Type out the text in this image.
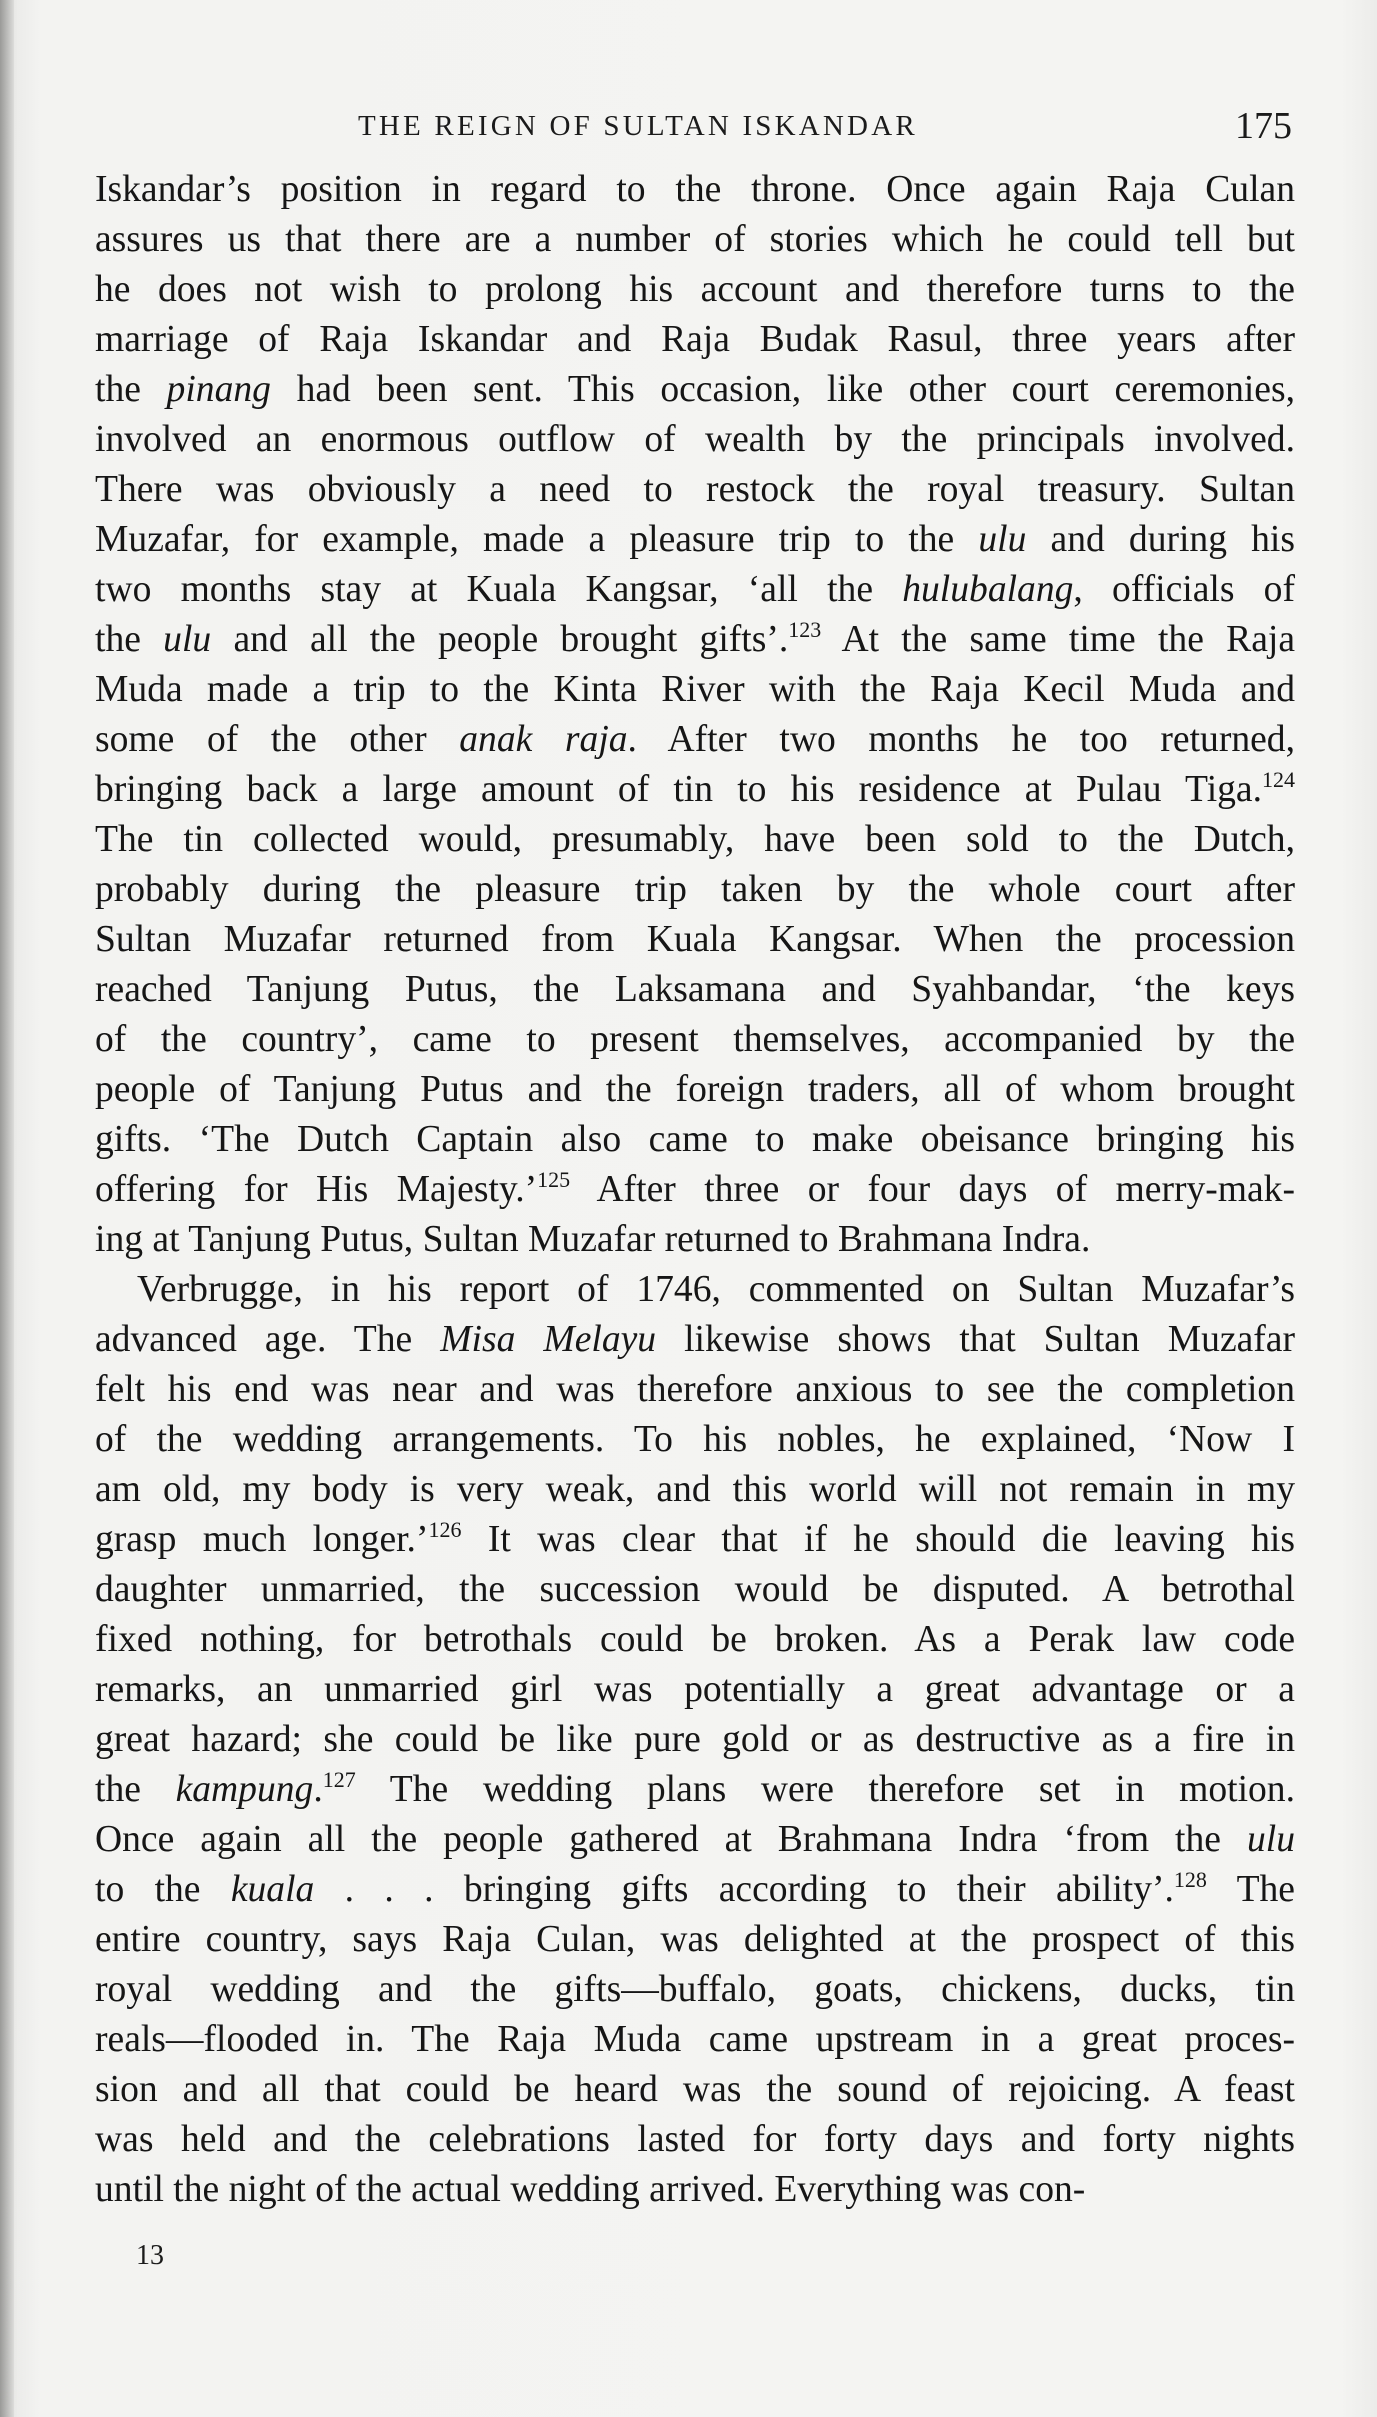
THE REIGN OF SULTAN ISKANDAR	175
Iskandar’s position in regard to the throne. Once again Raja Culan
assures us that there are a number of stories which he could tell but
he does not wish to prolong his account and therefore turns to the
marriage of Raja Iskandar and Raja Budak Rasul, three years after
the pinang had been sent. This occasion, like other court ceremonies,
involved an enormous outflow of wealth by the principals involved.
There was obviously a need to restock the royal treasury. Sultan
Muzafar, for example, made a pleasure trip to the ulu and during his
two months stay at Kuala Kangsar, ‘all the hulubalang, officials of
the ulu and all the people brought gifts’.$^{123}$ At the same time the Raja
Muda made a trip to the Kinta River with the Raja Kecil Muda and
some of the other anak raja. After two months he too returned,
bringing back a large amount of tin to his residence at Pulau Tiga.$^{124}$
The tin collected would, presumably, have been sold to the Dutch,
probably during the pleasure trip taken by the whole court after
Sultan Muzafar returned from Kuala Kangsar. When the procession
reached Tanjung Putus, the Laksamana and Syahbandar, ‘the keys
of the country’, came to present themselves, accompanied by the
people of Tanjung Putus and the foreign traders, all of whom brought
gifts. ‘The Dutch Captain also came to make obeisance bringing his
offering for His Majesty.’$^{125}$ After three or four days of merry-mak-
ing at Tanjung Putus, Sultan Muzafar returned to Brahmana Indra.
Verbrugge, in his report of 1746, commented on Sultan Muzafar’s
advanced age. The Misa Melayu likewise shows that Sultan Muzafar
felt his end was near and was therefore anxious to see the completion
of the wedding arrangements. To his nobles, he explained, ‘Now I
am old, my body is very weak, and this world will not remain in my
grasp much longer.’$^{126}$ It was clear that if he should die leaving his
daughter unmarried, the succession would be disputed. A betrothal
fixed nothing, for betrothals could be broken. As a Perak law code
remarks, an unmarried girl was potentially a great advantage or a
great hazard; she could be like pure gold or as destructive as a fire in
the kampung.$^{127}$ The wedding plans were therefore set in motion.
Once again all the people gathered at Brahmana Indra ‘from the ulu
to the kuala . . . bringing gifts according to their ability’.$^{128}$ The
entire country, says Raja Culan, was delighted at the prospect of this
royal wedding and the gifts—buffalo, goats, chickens, ducks, tin
reals—flooded in. The Raja Muda came upstream in a great proces-
sion and all that could be heard was the sound of rejoicing. A feast
was held and the celebrations lasted for forty days and forty nights
until the night of the actual wedding arrived. Everything was con-
13
